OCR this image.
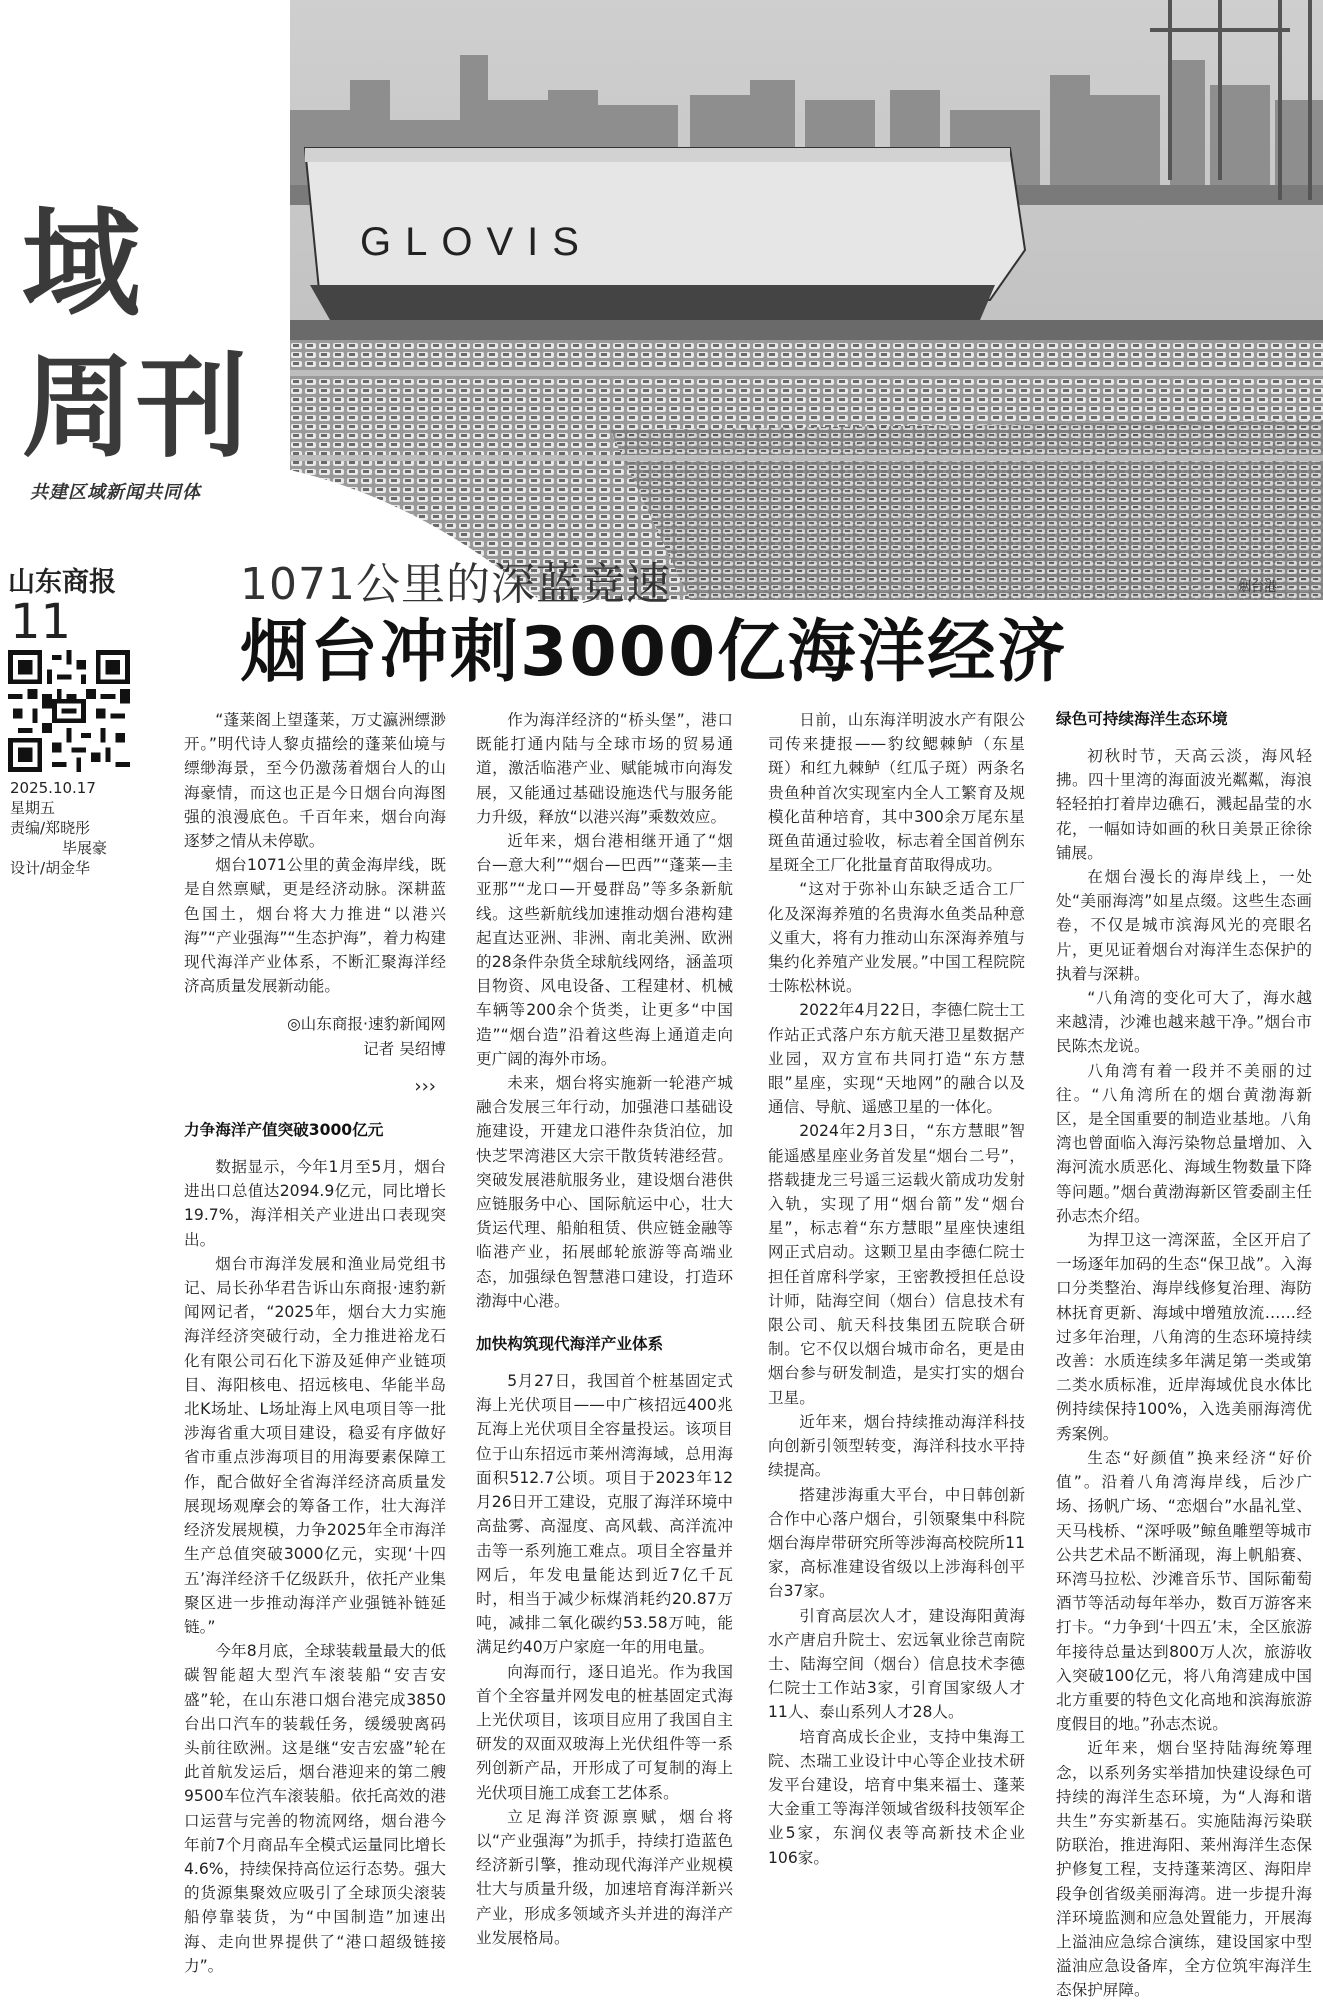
GLOVIS
烟台港
域
周刊
共建区域新闻共同体
山东商报
11
2025.10.17
星期五
责编/郑晓彤
毕展豪
设计/胡金华
1071公里的深蓝竞速
烟台冲刺3000亿海洋经济

“蓬莱阁上望蓬莱，万丈瀛洲缥渺开。”明代诗人黎贞描绘的蓬莱仙境与缥缈海景，至今仍激荡着烟台人的山海豪情，而这也正是今日烟台向海图强的浪漫底色。千百年来，烟台向海逐梦之情从未停歇。

烟台1071公里的黄金海岸线，既是自然禀赋，更是经济动脉。深耕蓝色国土，烟台将大力推进“以港兴海”“产业强海”“生态护海”，着力构建现代海洋产业体系，不断汇聚海洋经济高质量发展新动能。

◎山东商报·速豹新闻网

记者 吴绍博

›››

力争海洋产值突破3000亿元

数据显示，今年1月至5月，烟台进出口总值达2094.9亿元，同比增长19.7%，海洋相关产业进出口表现突出。

烟台市海洋发展和渔业局党组书记、局长孙华君告诉山东商报·速豹新闻网记者，“2025年，烟台大力实施海洋经济突破行动，全力推进裕龙石化有限公司石化下游及延伸产业链项目、海阳核电、招远核电、华能半岛北K场址、L场址海上风电项目等一批涉海省重大项目建设，稳妥有序做好省市重点涉海项目的用海要素保障工作，配合做好全省海洋经济高质量发展现场观摩会的筹备工作，壮大海洋经济发展规模，力争2025年全市海洋生产总值突破3000亿元，实现‘十四五’海洋经济千亿级跃升，依托产业集聚区进一步推动海洋产业强链补链延链。”

今年8月底，全球装载量最大的低碳智能超大型汽车滚装船“安吉安盛”轮，在山东港口烟台港完成3850台出口汽车的装载任务，缓缓驶离码头前往欧洲。这是继“安吉宏盛”轮在此首航发运后，烟台港迎来的第二艘9500车位汽车滚装船。依托高效的港口运营与完善的物流网络，烟台港今年前7个月商品车全模式运量同比增长4.6%，持续保持高位运行态势。强大的货源集聚效应吸引了全球顶尖滚装船停靠装货，为“中国制造”加速出海、走向世界提供了“港口超级链接力”。

作为海洋经济的“桥头堡”，港口既能打通内陆与全球市场的贸易通道，激活临港产业、赋能城市向海发展，又能通过基础设施迭代与服务能力升级，释放“以港兴海”乘数效应。

近年来，烟台港相继开通了“烟台—意大利”“烟台—巴西”“蓬莱—圭亚那”“龙口—开曼群岛”等多条新航线。这些新航线加速推动烟台港构建起直达亚洲、非洲、南北美洲、欧洲的28条件杂货全球航线网络，涵盖项目物资、风电设备、工程建材、机械车辆等200余个货类，让更多“中国造”“烟台造”沿着这些海上通道走向更广阔的海外市场。

未来，烟台将实施新一轮港产城融合发展三年行动，加强港口基础设施建设，开建龙口港件杂货泊位，加快芝罘湾港区大宗干散货转港经营。突破发展港航服务业，建设烟台港供应链服务中心、国际航运中心，壮大货运代理、船舶租赁、供应链金融等临港产业，拓展邮轮旅游等高端业态，加强绿色智慧港口建设，打造环渤海中心港。

加快构筑现代海洋产业体系

5月27日，我国首个桩基固定式海上光伏项目——中广核招远400兆瓦海上光伏项目全容量投运。该项目位于山东招远市莱州湾海域，总用海面积512.7公顷。项目于2023年12月26日开工建设，克服了海洋环境中高盐雾、高湿度、高风载、高洋流冲击等一系列施工难点。项目全容量并网后，年发电量能达到近7亿千瓦时，相当于减少标煤消耗约20.87万吨，减排二氧化碳约53.58万吨，能满足约40万户家庭一年的用电量。

向海而行，逐日追光。作为我国首个全容量并网发电的桩基固定式海上光伏项目，该项目应用了我国自主研发的双面双玻海上光伏组件等一系列创新产品，开形成了可复制的海上光伏项目施工成套工艺体系。

立足海洋资源禀赋，烟台将以“产业强海”为抓手，持续打造蓝色经济新引擎，推动现代海洋产业规模壮大与质量升级，加速培育海洋新兴产业，形成多领域齐头并进的海洋产业发展格局。

日前，山东海洋明波水产有限公司传来捷报——豹纹鳃棘鲈（东星斑）和红九棘鲈（红瓜子斑）两条名贵鱼种首次实现室内全人工繁育及规模化苗种培育，其中300余万尾东星斑鱼苗通过验收，标志着全国首例东星斑全工厂化批量育苗取得成功。

“这对于弥补山东缺乏适合工厂化及深海养殖的名贵海水鱼类品种意义重大，将有力推动山东深海养殖与集约化养殖产业发展。”中国工程院院士陈松林说。

2022年4月22日，李德仁院士工作站正式落户东方航天港卫星数据产业园，双方宣布共同打造“东方慧眼”星座，实现“天地网”的融合以及通信、导航、遥感卫星的一体化。

2024年2月3日，“东方慧眼”智能遥感星座业务首发星“烟台二号”，搭载捷龙三号遥三运载火箭成功发射入轨，实现了用“烟台箭”发“烟台星”，标志着“东方慧眼”星座快速组网正式启动。这颗卫星由李德仁院士担任首席科学家，王密教授担任总设计师，陆海空间（烟台）信息技术有限公司、航天科技集团五院联合研制。它不仅以烟台城市命名，更是由烟台参与研发制造，是实打实的烟台卫星。

近年来，烟台持续推动海洋科技向创新引领型转变，海洋科技水平持续提高。

搭建涉海重大平台，中日韩创新合作中心落户烟台，引领聚集中科院烟台海岸带研究所等涉海高校院所11家，高标准建设省级以上涉海科创平台37家。

引育高层次人才，建设海阳黄海水产唐启升院士、宏远氧业徐芑南院士、陆海空间（烟台）信息技术李德仁院士工作站3家，引育国家级人才11人、泰山系列人才28人。

培育高成长企业，支持中集海工院、杰瑞工业设计中心等企业技术研发平台建设，培育中集来福士、蓬莱大金重工等海洋领域省级科技领军企业5家，东润仪表等高新技术企业106家。

绿色可持续海洋生态环境

初秋时节，天高云淡，海风轻拂。四十里湾的海面波光粼粼，海浪轻轻拍打着岸边礁石，溅起晶莹的水花，一幅如诗如画的秋日美景正徐徐铺展。

在烟台漫长的海岸线上，一处处“美丽海湾”如星点缀。这些生态画卷，不仅是城市滨海风光的亮眼名片，更见证着烟台对海洋生态保护的执着与深耕。

“八角湾的变化可大了，海水越来越清，沙滩也越来越干净。”烟台市民陈杰龙说。

八角湾有着一段并不美丽的过往。“八角湾所在的烟台黄渤海新区，是全国重要的制造业基地。八角湾也曾面临入海污染物总量增加、入海河流水质恶化、海域生物数量下降等问题。”烟台黄渤海新区管委副主任孙志杰介绍。

为捍卫这一湾深蓝，全区开启了一场逐年加码的生态“保卫战”。入海口分类整治、海岸线修复治理、海防林抚育更新、海域中增殖放流……经过多年治理，八角湾的生态环境持续改善：水质连续多年满足第一类或第二类水质标准，近岸海域优良水体比例持续保持100%，入选美丽海湾优秀案例。

生态“好颜值”换来经济“好价值”。沿着八角湾海岸线，后沙广场、扬帆广场、“恋烟台”水晶礼堂、天马栈桥、“深呼吸”鲸鱼雕塑等城市公共艺术品不断涌现，海上帆船赛、环湾马拉松、沙滩音乐节、国际葡萄酒节等活动每年举办，数百万游客来打卡。“力争到‘十四五’末，全区旅游年接待总量达到800万人次，旅游收入突破100亿元，将八角湾建成中国北方重要的特色文化高地和滨海旅游度假目的地。”孙志杰说。

近年来，烟台坚持陆海统筹理念，以系列务实举措加快建设绿色可持续的海洋生态环境，为“人海和谐共生”夯实新基石。实施陆海污染联防联治，推进海阳、莱州海洋生态保护修复工程，支持蓬莱湾区、海阳岸段争创省级美丽海湾。进一步提升海洋环境监测和应急处置能力，开展海上溢油应急综合演练，建设国家中型溢油应急设备库，全方位筑牢海洋生态保护屏障。
